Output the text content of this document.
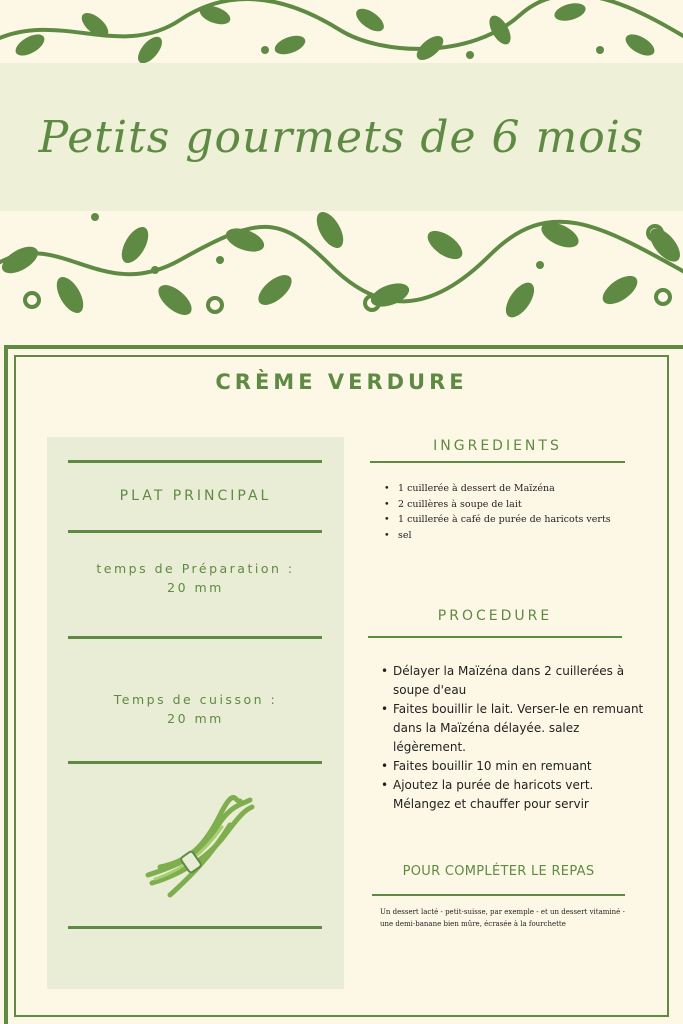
Petits gourmets de 6 mois
CRÈME VERDURE
PLAT PRINCIPAL
temps de Préparation :
20 mm
Temps de cuisson :
20 mm
INGREDIENTS
• 1 cuillerée à dessert de Maïzéna
• 2 cuillères à soupe de lait
• 1 cuillerée à café de purée de haricots verts
• sel
PROCEDURE
• Délayer la Maïzéna dans 2 cuillerées à soupe d'eau
• Faites bouillir le lait. Verser-le en remuant dans la Maïzéna délayée. salez légèrement.
• Faites bouillir 10 min en remuant
• Ajoutez la purée de haricots vert. Mélangez et chauffer pour servir
POUR COMPLÉTER LE REPAS
Un dessert lacté - petit-suisse, par exemple - et un dessert vitaminé - une demi-banane bien mûre, écrasée à la fourchette
